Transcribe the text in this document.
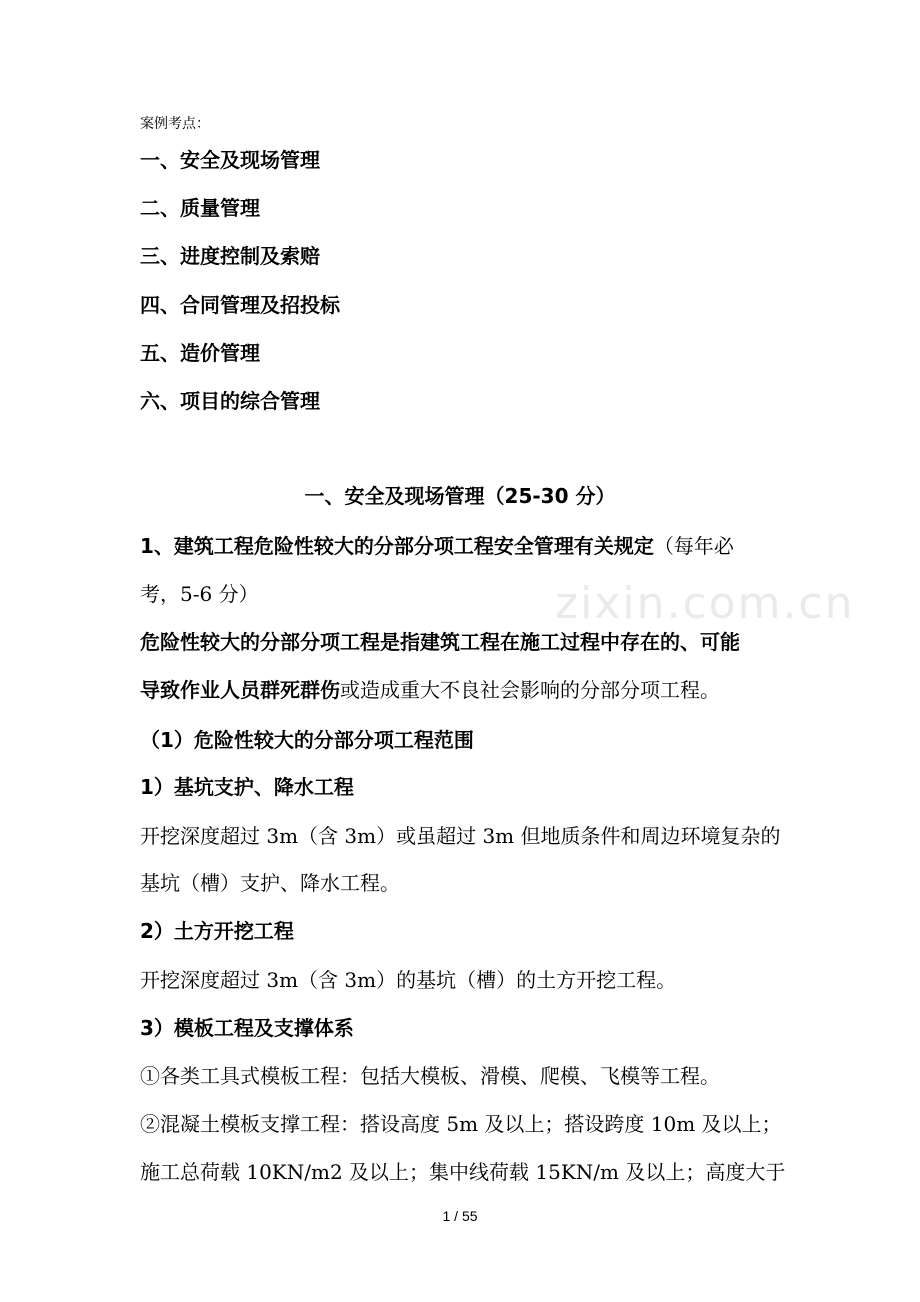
案例考点：
一、安全及现场管理
二、质量管理
三、进度控制及索赔
四、合同管理及招投标
五、造价管理
六、项目的综合管理
一、安全及现场管理（25-30 分）
1、建筑工程危险性较大的分部分项工程安全管理有关规定（每年必
考，5-6 分）
危险性较大的分部分项工程是指建筑工程在施工过程中存在的、可能
导致作业人员群死群伤或造成重大不良社会影响的分部分项工程。
（1）危险性较大的分部分项工程范围
1）基坑支护、降水工程
开挖深度超过 3m（含 3m）或虽超过 3m 但地质条件和周边环境复杂的
基坑（槽）支护、降水工程。
2）土方开挖工程
开挖深度超过 3m（含 3m）的基坑（槽）的土方开挖工程。
3）模板工程及支撑体系
①各类工具式模板工程：包括大模板、滑模、爬模、飞模等工程。
②混凝土模板支撑工程：搭设高度 5m 及以上；搭设跨度 10m 及以上；
施工总荷载 10KN/m2 及以上；集中线荷载 15KN/m 及以上；高度大于
zixin.com.cn
1 / 55
